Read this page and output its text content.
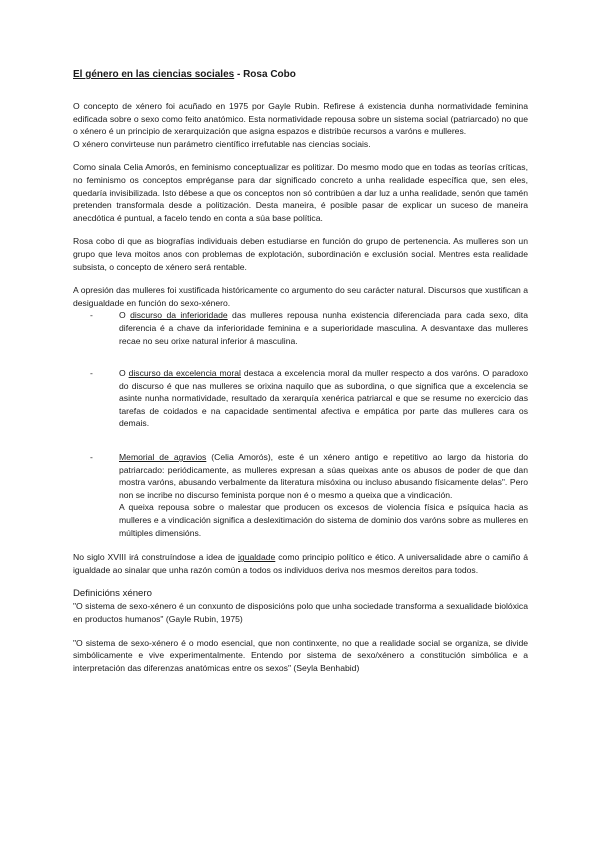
El género en las ciencias sociales - Rosa Cobo

O concepto de xénero foi acuñado en 1975 por Gayle Rubin. Refirese á existencia dunha normatividade feminina edificada sobre o sexo como feito anatómico. Esta normatividade repousa sobre un sistema social (patriarcado) no que o xénero é un principio de xerarquización que asigna espazos e distribúe recursos a varóns e mulleres.

O xénero convirteuse nun parámetro científico irrefutable nas ciencias sociais.

Como sinala Celia Amorós, en feminismo conceptualizar es politizar. Do mesmo modo que en todas as teorías críticas, no feminismo os conceptos empréganse para dar significado concreto a unha realidade específica que, sen eles, quedaría invisibilizada. Isto débese a que os conceptos non só contribúen a dar luz a unha realidade, senón que tamén pretenden transformala desde a politización. Desta maneira, é posible pasar de explicar un suceso de maneira anecdótica é puntual, a facelo tendo en conta a súa base política.

Rosa cobo di que as biografías individuais deben estudiarse en función do grupo de pertenencia. As mulleres son un grupo que leva moitos anos con problemas de explotación, subordinación e exclusión social. Mentres esta realidade subsista, o concepto de xénero será rentable.

A opresión das mulleres foi xustificada históricamente co argumento do seu carácter natural. Discursos que xustifican a desigualdade en función do sexo-xénero.

-	O discurso da inferioridade das mulleres repousa nunha existencia diferenciada para cada sexo, dita diferencia é a chave da inferioridade feminina e a superioridade masculina. A desvantaxe das mulleres recae no seu orixe natural inferior á masculina.
-	O discurso da excelencia moral destaca a excelencia moral da muller respecto a dos varóns. O paradoxo do discurso é que nas mulleres se orixina naquilo que as subordina, o que significa que a excelencia se asinte nunha normatividade, resultado da xerarquía xenérica patriarcal e que se resume no exercicio das tarefas de coidados e na capacidade sentimental afectiva e empática por parte das mulleres cara os demais.
-	Memorial de agravios (Celia Amorós), este é un xénero antigo e repetitivo ao largo da historia do patriarcado: periódicamente, as mulleres expresan a súas queixas ante os abusos de poder de que dan mostra varóns, abusando verbalmente da literatura misóxina ou incluso abusando físicamente delas". Pero non se incribe no discurso feminista porque non é o mesmo a queixa que a vindicación.

A queixa repousa sobre o malestar que producen os excesos de violencia física e psíquica hacia as mulleres e a vindicación significa a deslexitimación do sistema de dominio dos varóns sobre as mulleres en múltiples dimensións.

No siglo XVIII irá construíndose a idea de igualdade como principio político e ético. A universalidade abre o camiño á igualdade ao sinalar que unha razón común a todos os individuos deriva nos mesmos dereitos para todos.

Definicións xénero

"O sistema de sexo-xénero é un conxunto de disposicións polo que unha sociedade transforma a sexualidade biolóxica en productos humanos" (Gayle Rubin, 1975)

"O sistema de sexo-xénero é o modo esencial, que non continxente, no que a realidade social se organiza, se divide simbólicamente e vive experimentalmente. Entendo por sistema de sexo/xénero a constitución simbólica e a interpretación das diferenzas anatómicas entre os sexos" (Seyla Benhabid)
